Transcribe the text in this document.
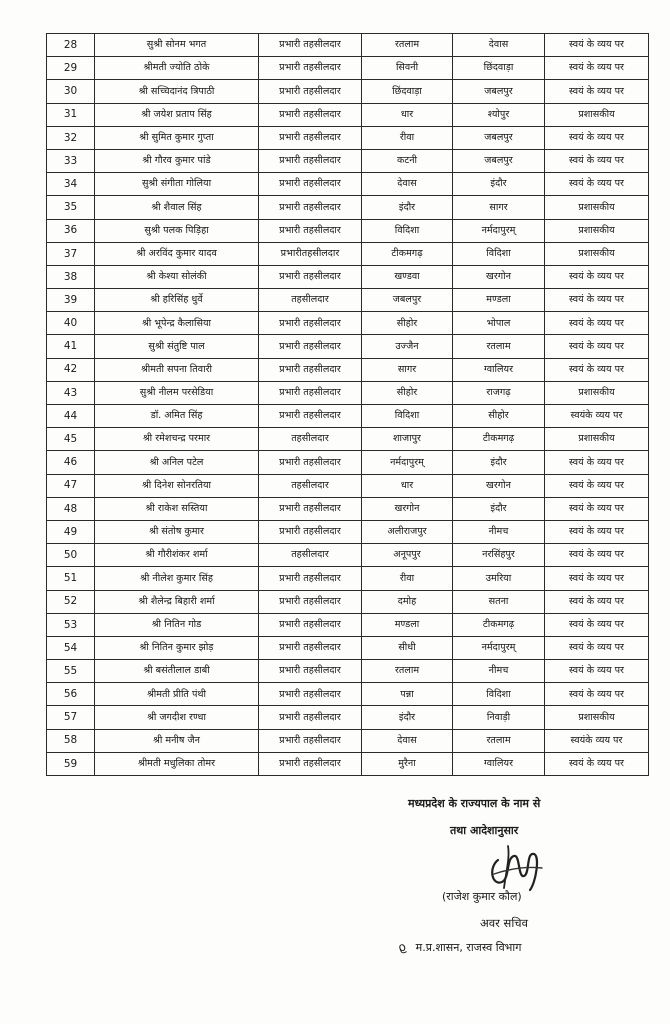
28	सुश्री सोनम भगत	प्रभारी तहसीलदार	रतलाम	देवास	स्वयं के व्यय पर
29	श्रीमती ज्योति ठोके	प्रभारी तहसीलदार	सिवनी	छिंदवाड़ा	स्वयं के व्यय पर
30	श्री सच्चिदानंद त्रिपाठी	प्रभारी तहसीलदार	छिंदवाड़ा	जबलपुर	स्वयं के व्यय पर
31	श्री जयेश प्रताप सिंह	प्रभारी तहसीलदार	धार	श्योपुर	प्रशासकीय
32	श्री सुमित कुमार गुप्ता	प्रभारी तहसीलदार	रीवा	जबलपुर	स्वयं के व्यय पर
33	श्री गौरव कुमार पांडे	प्रभारी तहसीलदार	कटनी	जबलपुर	स्वयं के व्यय पर
34	सुश्री संगीता गोलिया	प्रभारी तहसीलदार	देवास	इंदौर	स्वयं के व्यय पर
35	श्री शैवाल सिंह	प्रभारी तहसीलदार	इंदौर	सागर	प्रशासकीय
36	सुश्री पलक पिड़िहा	प्रभारी तहसीलदार	विदिशा	नर्मदापुरम्	प्रशासकीय
37	श्री अरविंद कुमार यादव	प्रभारीतहसीलदार	टीकमगढ़	विदिशा	प्रशासकीय
38	श्री केश्या सोलंकी	प्रभारी तहसीलदार	खण्डवा	खरगोन	स्वयं के व्यय पर
39	श्री हरिसिंह धुर्वे	तहसीलदार	जबलपुर	मण्डला	स्वयं के व्यय पर
40	श्री भूपेन्द्र कैलासिया	प्रभारी तहसीलदार	सीहोर	भोपाल	स्वयं के व्यय पर
41	सुश्री संतुष्टि पाल	प्रभारी तहसीलदार	उज्जैन	रतलाम	स्वयं के व्यय पर
42	श्रीमती सपना तिवारी	प्रभारी तहसीलदार	सागर	ग्वालियर	स्वयं के व्यय पर
43	सुश्री नीलम परसेडिया	प्रभारी तहसीलदार	सीहोर	राजगढ़	प्रशासकीय
44	डॉ. अमित सिंह	प्रभारी तहसीलदार	विदिशा	सीहोर	स्वयंके व्यय पर
45	श्री रमेशचन्द्र परमार	तहसीलदार	शाजापुर	टीकमगढ़	प्रशासकीय
46	श्री अनिल पटेल	प्रभारी तहसीलदार	नर्मदापुरम्	इंदौर	स्वयं के व्यय पर
47	श्री दिनेश सोनरतिया	तहसीलदार	धार	खरगोन	स्वयं के व्यय पर
48	श्री राकेश सस्तिया	प्रभारी तहसीलदार	खरगोन	इंदौर	स्वयं के व्यय पर
49	श्री संतोष कुमार	प्रभारी तहसीलदार	अलीराजपुर	नीमच	स्वयं के व्यय पर
50	श्री गौरीशंकर शर्मा	तहसीलदार	अनूपपुर	नरसिंहपुर	स्वयं के व्यय पर
51	श्री नीलेश कुमार सिंह	प्रभारी तहसीलदार	रीवा	उमरिया	स्वयं के व्यय पर
52	श्री शैलेन्द्र बिहारी शर्मा	प्रभारी तहसीलदार	दमोह	सतना	स्वयं के व्यय पर
53	श्री नितिन गोड	प्रभारी तहसीलदार	मण्डला	टीकमगढ़	स्वयं के व्यय पर
54	श्री नितिन कुमार झोड़	प्रभारी तहसीलदार	सीधी	नर्मदापुरम्	स्वयं के व्यय पर
55	श्री बसंतीलाल डाबी	प्रभारी तहसीलदार	रतलाम	नीमच	स्वयं के व्यय पर
56	श्रीमती प्रीति पंथी	प्रभारी तहसीलदार	पन्ना	विदिशा	स्वयं के व्यय पर
57	श्री जगदीश रण्धा	प्रभारी तहसीलदार	इंदौर	निवाड़ी	प्रशासकीय
58	श्री मनीष जैन	प्रभारी तहसीलदार	देवास	रतलाम	स्वयंके व्यय पर
59	श्रीमती मधुलिका तोमर	प्रभारी तहसीलदार	मुरैना	ग्वालियर	स्वयं के व्यय पर
मध्यप्रदेश के राज्यपाल के नाम से
तथा आदेशानुसार
(राजेश कुमार कौल)
अवर सचिव
ϱ म.प्र.शासन, राजस्व विभाग
